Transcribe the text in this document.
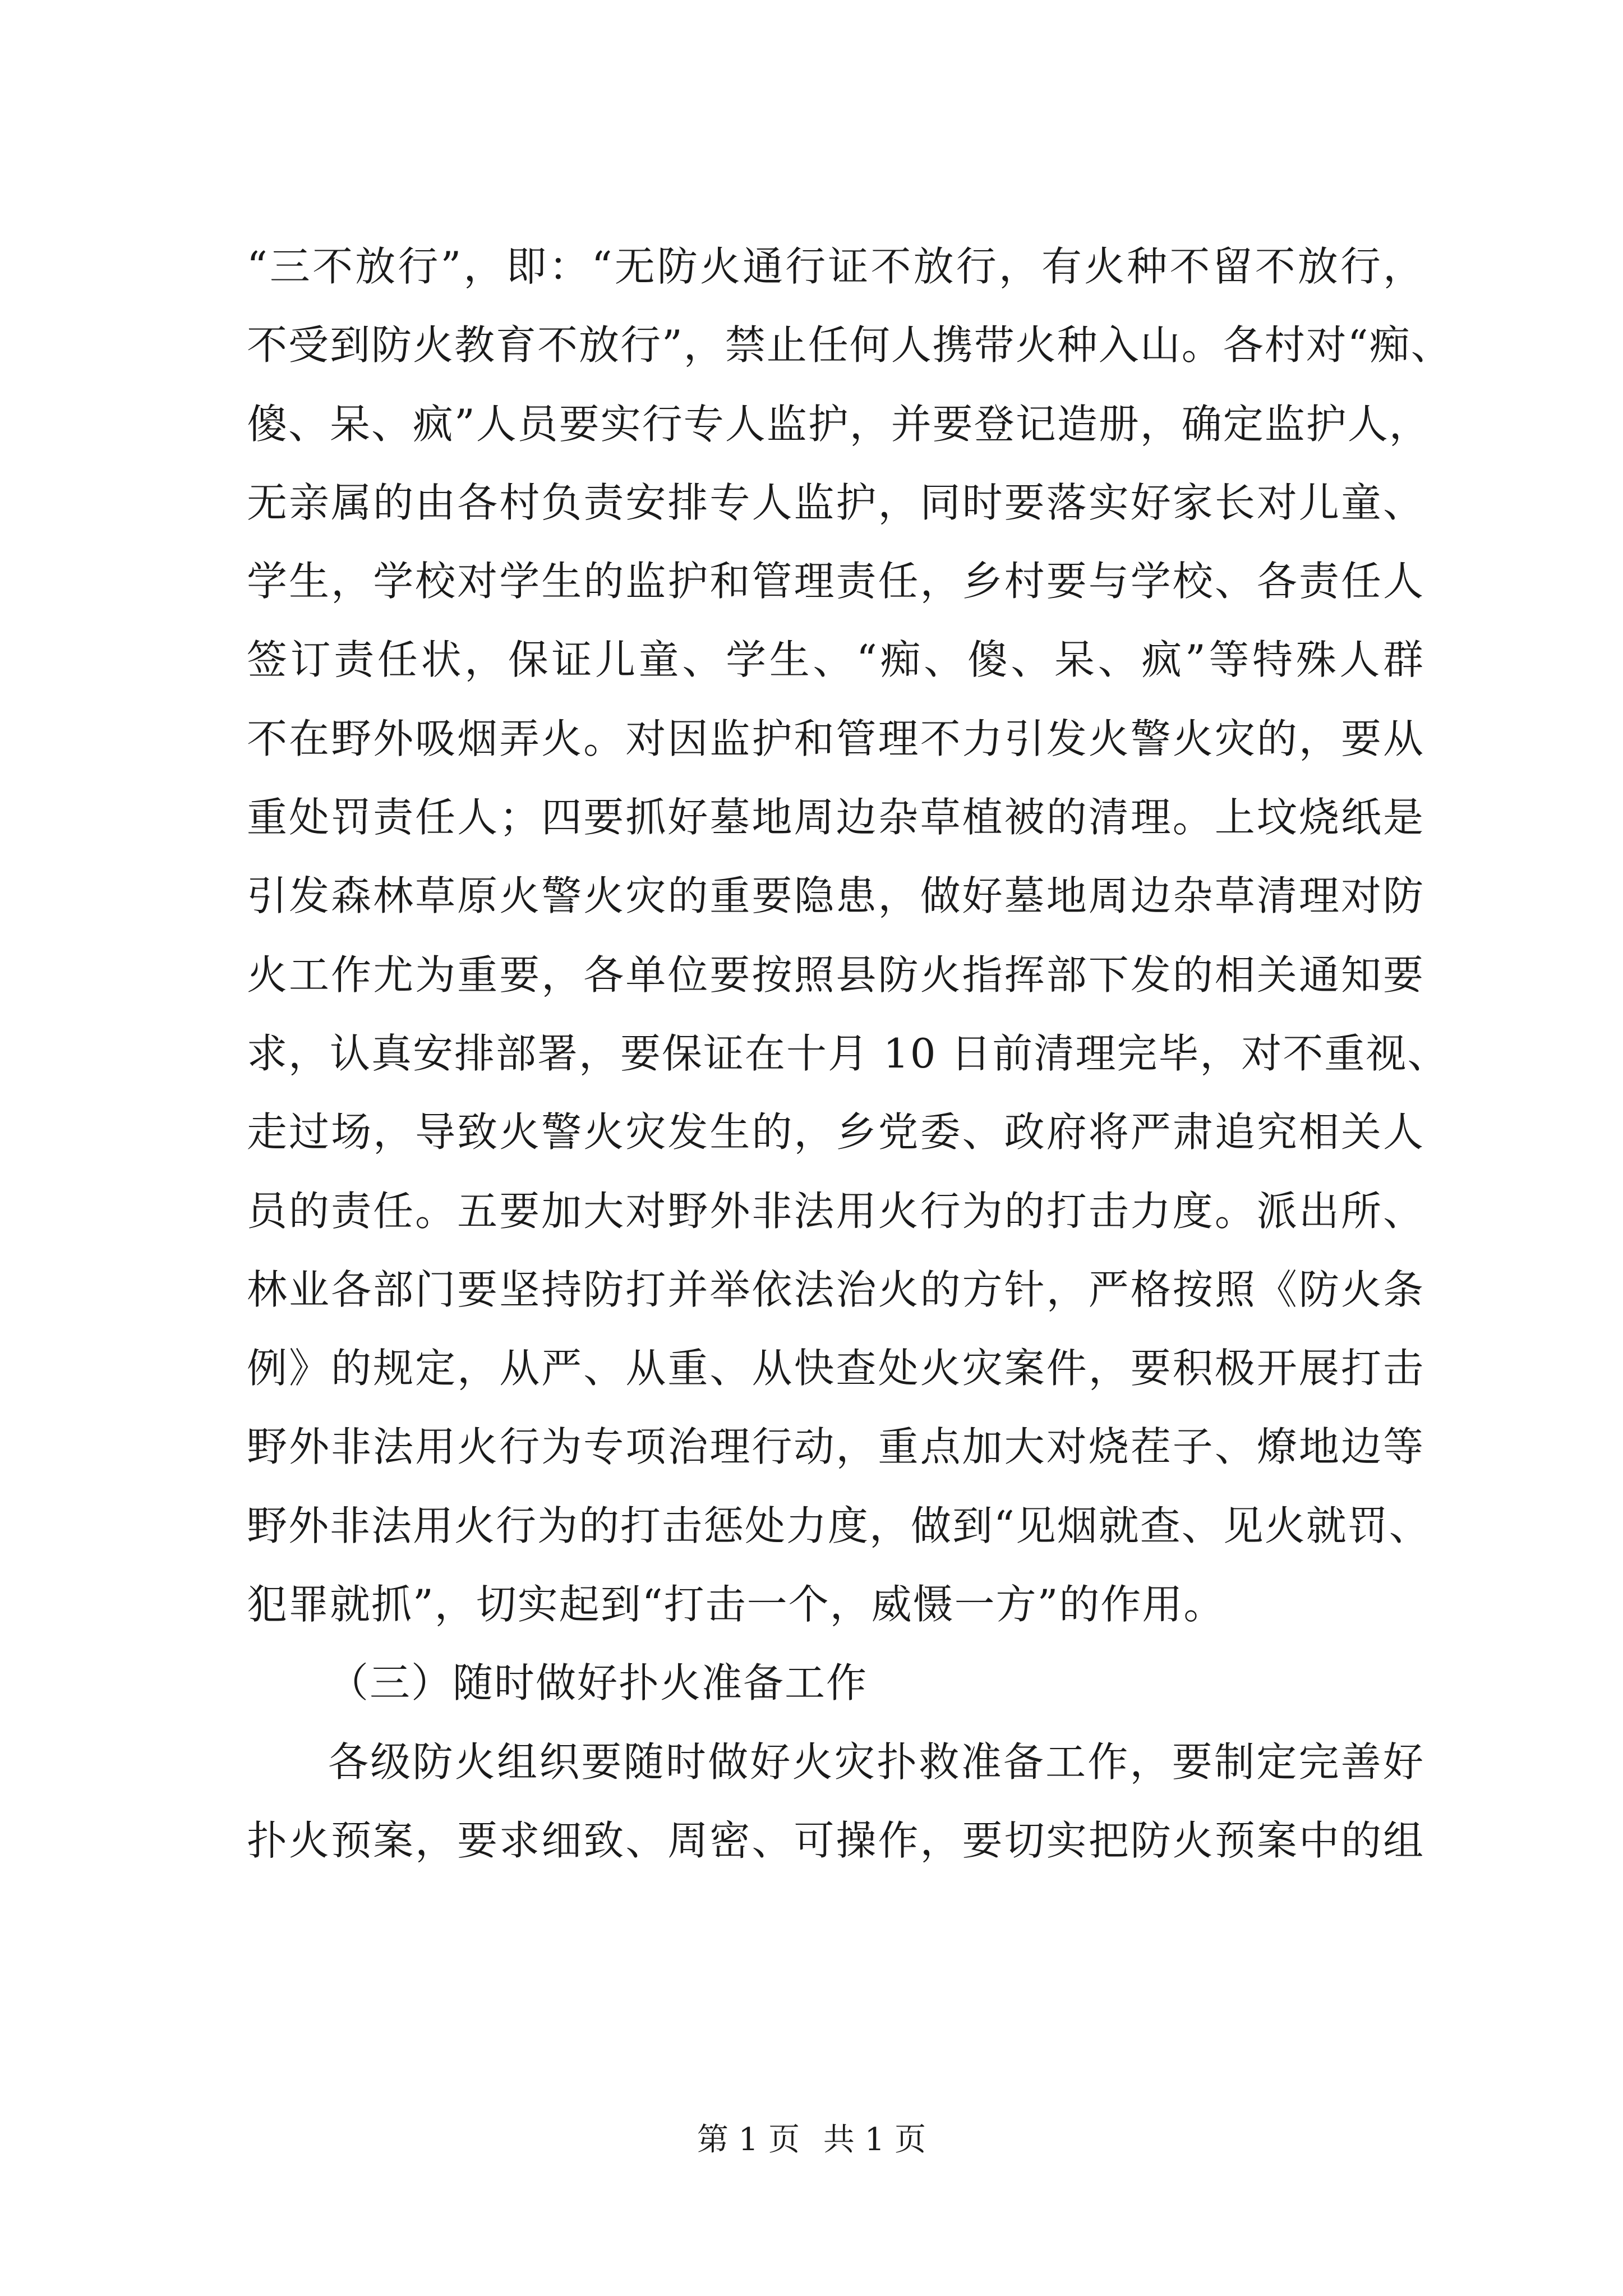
“三不放行”，即：“无防火通行证不放行，有火种不留不放行，
不受到防火教育不放行”，禁止任何人携带火种入山。各村对“痴、
傻、呆、疯”人员要实行专人监护，并要登记造册，确定监护人，
无亲属的由各村负责安排专人监护，同时要落实好家长对儿童、
学生，学校对学生的监护和管理责任，乡村要与学校、各责任人
签订责任状，保证儿童、学生、“痴、傻、呆、疯”等特殊人群
不在野外吸烟弄火。对因监护和管理不力引发火警火灾的，要从
重处罚责任人；四要抓好墓地周边杂草植被的清理。上坟烧纸是
引发森林草原火警火灾的重要隐患，做好墓地周边杂草清理对防
火工作尤为重要，各单位要按照县防火指挥部下发的相关通知要
求，认真安排部署，要保证在十月 10 日前清理完毕，对不重视、
走过场，导致火警火灾发生的，乡党委、政府将严肃追究相关人
员的责任。五要加大对野外非法用火行为的打击力度。派出所、
林业各部门要坚持防打并举依法治火的方针，严格按照《防火条
例》的规定，从严、从重、从快查处火灾案件，要积极开展打击
野外非法用火行为专项治理行动，重点加大对烧茬子、燎地边等
野外非法用火行为的打击惩处力度，做到“见烟就查、见火就罚、
犯罪就抓”，切实起到“打击一个，威慑一方”的作用。
（三）随时做好扑火准备工作
各级防火组织要随时做好火灾扑救准备工作，要制定完善好
扑火预案，要求细致、周密、可操作，要切实把防火预案中的组
第 1 页 共 1 页
